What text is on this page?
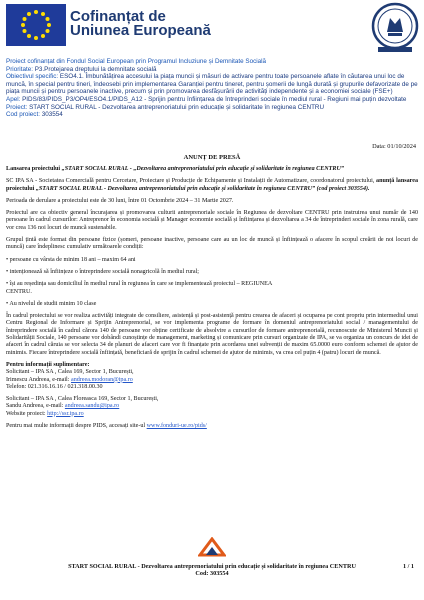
Cofinanțat de
Uniunea Europeană
Proiect cofinanțat din Fondul Social European prin Programul Incluziune și Demnitate Socială
Prioritate: P3.Protejarea dreptului la demnitate socială
Obiectivul specific: ESO4.1. Îmbunătățirea accesului la piața muncii și măsuri de activare pentru toate persoanele aflate în căutarea unui loc de muncă, în special pentru tineri, îndeosebi prin implementarea Garanției pentru tineret, pentru șomerii de lungă durată și grupurile defavorizate de pe piața muncii și pentru persoanele inactive, precum și prin promovarea desfășurării de activități independente și a economiei sociale (FSE+)
Apel: PIDS/83/PIDS_P3/OP4/ESO4.1/PIDS_A12 - Sprijin pentru înființarea de întreprinderi sociale în mediul rural - Regiuni mai puțin dezvoltate
Proiect: START SOCIAL RURAL - Dezvoltarea antreprenoriatului prin educație și solidaritate în regiunea CENTRU
Cod proiect: 303554
Data: 01/10/2024
ANUNȚ DE PRESĂ

Lansarea proiectului „START SOCIAL RURAL - „Dezvoltarea antreprenoriatului prin educație și solidaritate în regiunea CENTRU”

SC IPA SA - Societatea Comercială pentru Cercetare, Proiectare și Producție de Echipamente și Instalații de Automatizare, coordonatorul proiectului, anunță lansarea proiectului „START SOCIAL RURAL - Dezvoltarea antreprenoriatului prin educație și solidaritate în regiunea CENTRU” (cod proiect 303554).

Perioada de derulare a proiectului este de 30 luni, între 01 Octombrie 2024 – 31 Martie 2027.

Proiectul are ca obiectiv general încurajarea și promovarea culturii antreprenoriale sociale în Regiunea de dezvoltare CENTRU prin instruirea unui număr de 140 persoane în cadrul cursurilor: Antreprenor în economia socială și Manager economie socială și înființarea și dezvoltarea a 34 de întreprinderi sociale în zona rurală, care vor crea 136 noi locuri de muncă sustenabile.

Grupul țintă este format din persoane fizice (șomeri, persoane inactive, persoane care au un loc de muncă și înființează o afacere în scopul creării de noi locuri de muncă) care îndeplinesc cumulativ următoarele condiții:

• persoane cu vârsta de minim 18 ani – maxim 64 ani

• intenționează să înființeze o întreprindere socială nonagricolă în mediul rural;

• își au reședința sau domiciliul în mediul rural în regiunea în care se implementează proiectul – REGIUNEA

CENTRU.

• Au nivelul de studii minim 10 clase

În cadrul proiectului se vor realiza activități integrate de consiliere, asistență și post-asistență pentru crearea de afaceri și ocuparea pe cont propriu prin intermediul unui Centru Regional de Informare și Sprijin Antreprenorial, se vor implementa programe de formare în domeniul antreprenoriatului social / managementului de întreprindere socială în cadrul cărora 140 de persoane vor obține certificate de absolvire a cursurilor de formare antreprenorială, recunoscute de Ministerul Muncii și Solidarității Sociale, 140 persoane vor dobândi cunoștințe de management, marketing și comunicare prin cursuri organizate de IPA, se va organiza un concurs de idei de afaceri în cadrul căruia se vor selecta 34 de planuri de afaceri care vor fi finanțate prin acordarea unei subvenții de maxim 65.0000 euro conform schemei de ajutor de minimis. Fiecare întreprindere socială înființată, beneficiară de sprijin în cadrul schemei de ajutor de minimis, va crea cel puțin 4 (patru) locuri de muncă.

Pentru informații suplimentare:

Solicitant – IPA SA , Calea 169, Sector 1, București,

Irimescu Andreea, e-mail: andreea.modoran@ipa.ro

Telefon: 021.316.16.16 / 021.318.00.30

Solicitant – IPA SA , Calea Floreasca 169, Sector 1, București,

Sandu Andreea, e-mail: andreea.sandu@ipa.ro

Website proiect: http://ssr.ipa.ro

Pentru mai multe informații despre PIDS, accesați site-ul www.fonduri-ue.ro/pids/

START SOCIAL RURAL - Dezvoltarea antreprenoriatului prin educație și solidaritate în regiunea CENTRU
Cod: 303554
1 / 1
